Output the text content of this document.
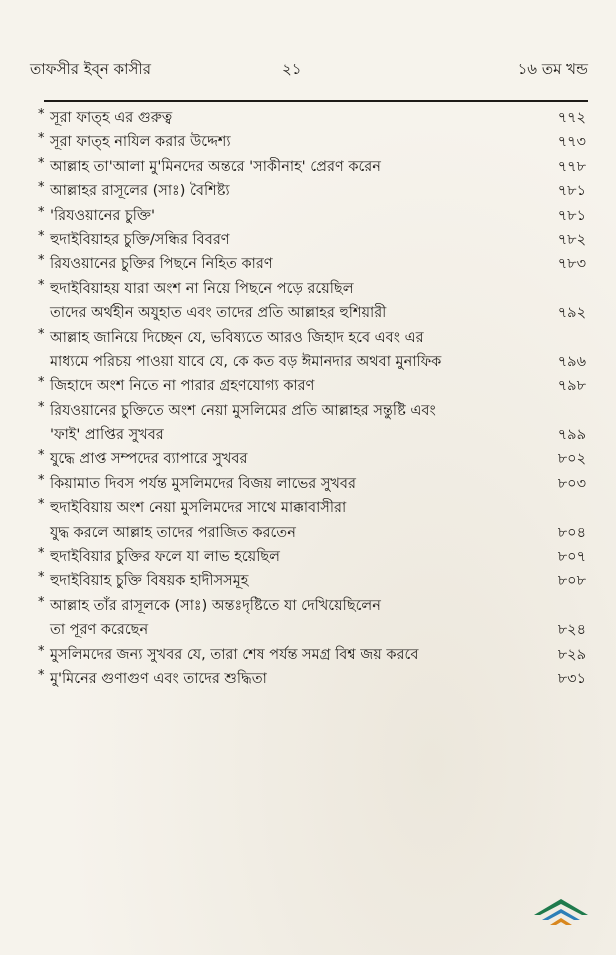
তাফসীর ইব্‌ন কাসীর	২১	১৬ তম খন্ড
* সূরা ফাত্‌হ এর গুরুত্ব	৭৭২
* সূরা ফাত্‌হ নাযিল করার উদ্দেশ্য	৭৭৩
* আল্লাহ তা'আলা মু'মিনদের অন্তরে 'সাকীনাহ' প্রেরণ করেন	৭৭৮
* আল্লাহর রাসূলের (সাঃ) বৈশিষ্ট্য	৭৮১
* 'রিযওয়ানের চুক্তি'	৭৮১
* হুদাইবিয়াহর চুক্তি/সন্ধির বিবরণ	৭৮২
* রিযওয়ানের চুক্তির পিছনে নিহিত কারণ	৭৮৩
* হুদাইবিয়াহয় যারা অংশ না নিয়ে পিছনে পড়ে রয়েছিল
তাদের অর্থহীন অযুহাত এবং তাদের প্রতি আল্লাহর হুশিয়ারী	৭৯২
* আল্লাহ জানিয়ে দিচ্ছেন যে, ভবিষ্যতে আরও জিহাদ হবে এবং এর
মাধ্যমে পরিচয় পাওয়া যাবে যে, কে কত বড় ঈমানদার অথবা মুনাফিক	৭৯৬
* জিহাদে অংশ নিতে না পারার গ্রহণযোগ্য কারণ	৭৯৮
* রিযওয়ানের চুক্তিতে অংশ নেয়া মুসলিমের প্রতি আল্লাহর সন্তুষ্টি এবং
'ফাই' প্রাপ্তির সুখবর	৭৯৯
* যুদ্ধে প্রাপ্ত সম্পদের ব্যাপারে সুখবর	৮০২
* কিয়ামাত দিবস পর্যন্ত মুসলিমদের বিজয় লাভের সুখবর	৮০৩
* হুদাইবিয়ায় অংশ নেয়া মুসলিমদের সাথে মাক্কাবাসীরা
যুদ্ধ করলে আল্লাহ তাদের পরাজিত করতেন	৮০৪
* হুদাইবিয়ার চুক্তির ফলে যা লাভ হয়েছিল	৮০৭
* হুদাইবিয়াহ চুক্তি বিষয়ক হাদীসসমূহ	৮০৮
* আল্লাহ তাঁর রাসূলকে (সাঃ) অন্তঃদৃষ্টিতে যা দেখিয়েছিলেন
তা পূরণ করেছেন	৮২৪
* মুসলিমদের জন্য সুখবর যে, তারা শেষ পর্যন্ত সমগ্র বিশ্ব জয় করবে	৮২৯
* মু'মিনের গুণাগুণ এবং তাদের শুদ্ধিতা	৮৩১
